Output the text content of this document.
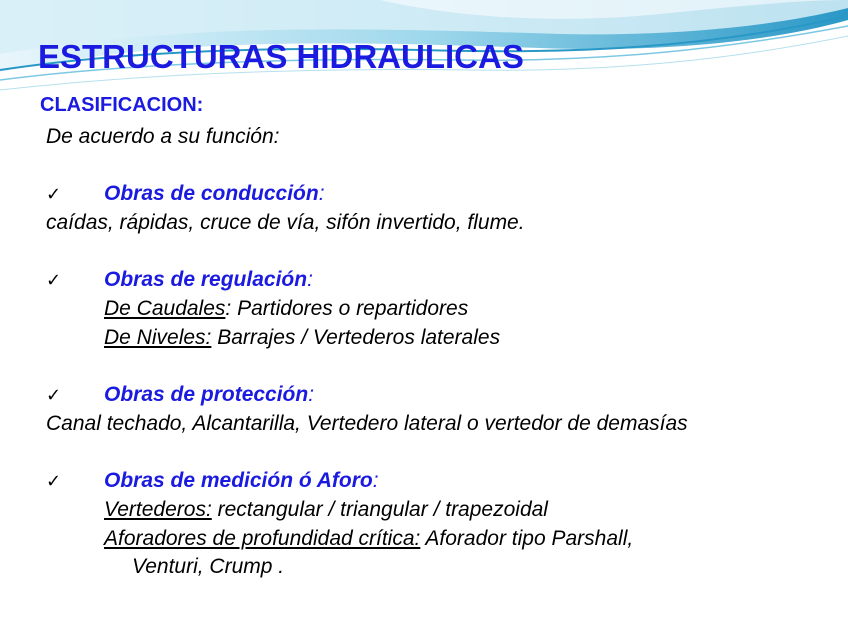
ESTRUCTURAS HIDRAULICAS
CLASIFICACION:
De acuerdo a su función:
✓ Obras de conducción:
caídas, rápidas, cruce de vía, sifón invertido, flume.
✓ Obras de regulación:
De Caudales: Partidores o repartidores
De Niveles: Barrajes / Vertederos laterales
✓ Obras de protección:
Canal techado, Alcantarilla, Vertedero lateral o vertedor de demasías
✓ Obras de medición ó Aforo:
Vertederos: rectangular / triangular / trapezoidal
Aforadores de profundidad crítica: Aforador tipo Parshall,
Venturi, Crump .
